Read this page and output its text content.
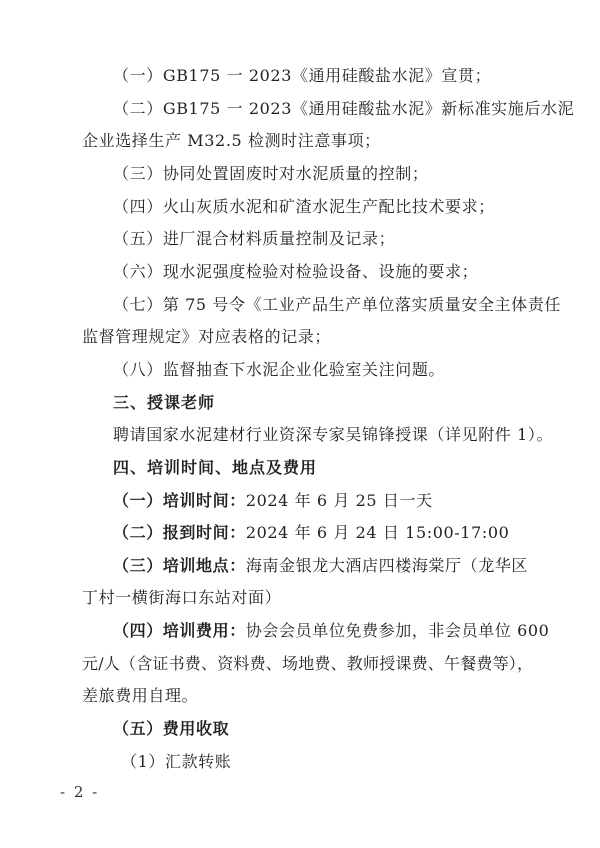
（一）GB175 一 2023《通用硅酸盐水泥》宣贯；
（二）GB175 一 2023《通用硅酸盐水泥》新标准实施后水泥
企业选择生产 M32.5 检测时注意事项；
（三）协同处置固废时对水泥质量的控制；
（四）火山灰质水泥和矿渣水泥生产配比技术要求；
（五）进厂混合材料质量控制及记录；
（六）现水泥强度检验对检验设备、设施的要求；
（七）第 75 号令《工业产品生产单位落实质量安全主体责任
监督管理规定》对应表格的记录；
（八）监督抽查下水泥企业化验室关注问题。
三、授课老师
聘请国家水泥建材行业资深专家吴锦锋授课（详见附件 1）。
四、培训时间、地点及费用
（一）培训时间：2024 年 6 月 25 日一天
（二）报到时间：2024 年 6 月 24 日 15:00-17:00
（三）培训地点：海南金银龙大酒店四楼海棠厅（龙华区
丁村一横街海口东站对面）
（四）培训费用：协会会员单位免费参加，非会员单位 600
元/人（含证书费、资料费、场地费、教师授课费、午餐费等），
差旅费用自理。
（五）费用收取
（1）汇款转账
- 2 -
